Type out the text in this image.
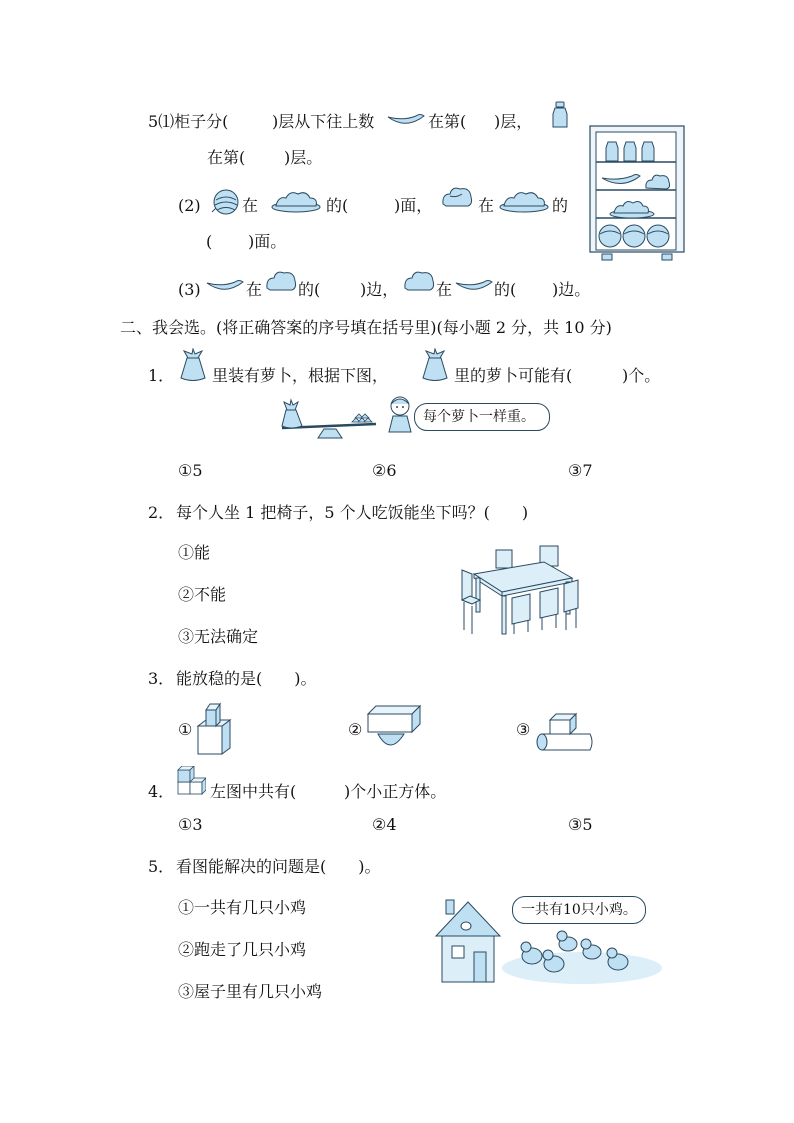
5⑴柜子分(	)层从下往上数	在第( )层，
在第( )层。
(2)	在	的(	)面，	在	的
( )面。
(3)	在 的( )边， 在	的( )边。
二、我会选。(将正确答案的序号填在括号里)(每小题 2 分，共 10 分)
1． 里装有萝卜，根据下图，	里的萝卜可能有(	)个。
每个萝卜一样重。
①5	②6	③7
2． 每个人坐 1 把椅子，5 个人吃饭能坐下吗？(　　)
①能
②不能
③无法确定
3． 能放稳的是(　　)。
①	②	③
4． 左图中共有(	)个小正方体。
①3	②4	③5
5． 看图能解决的问题是(　　)。
①一共有几只小鸡
②跑走了几只小鸡
③屋子里有几只小鸡
一共有10只小鸡。
